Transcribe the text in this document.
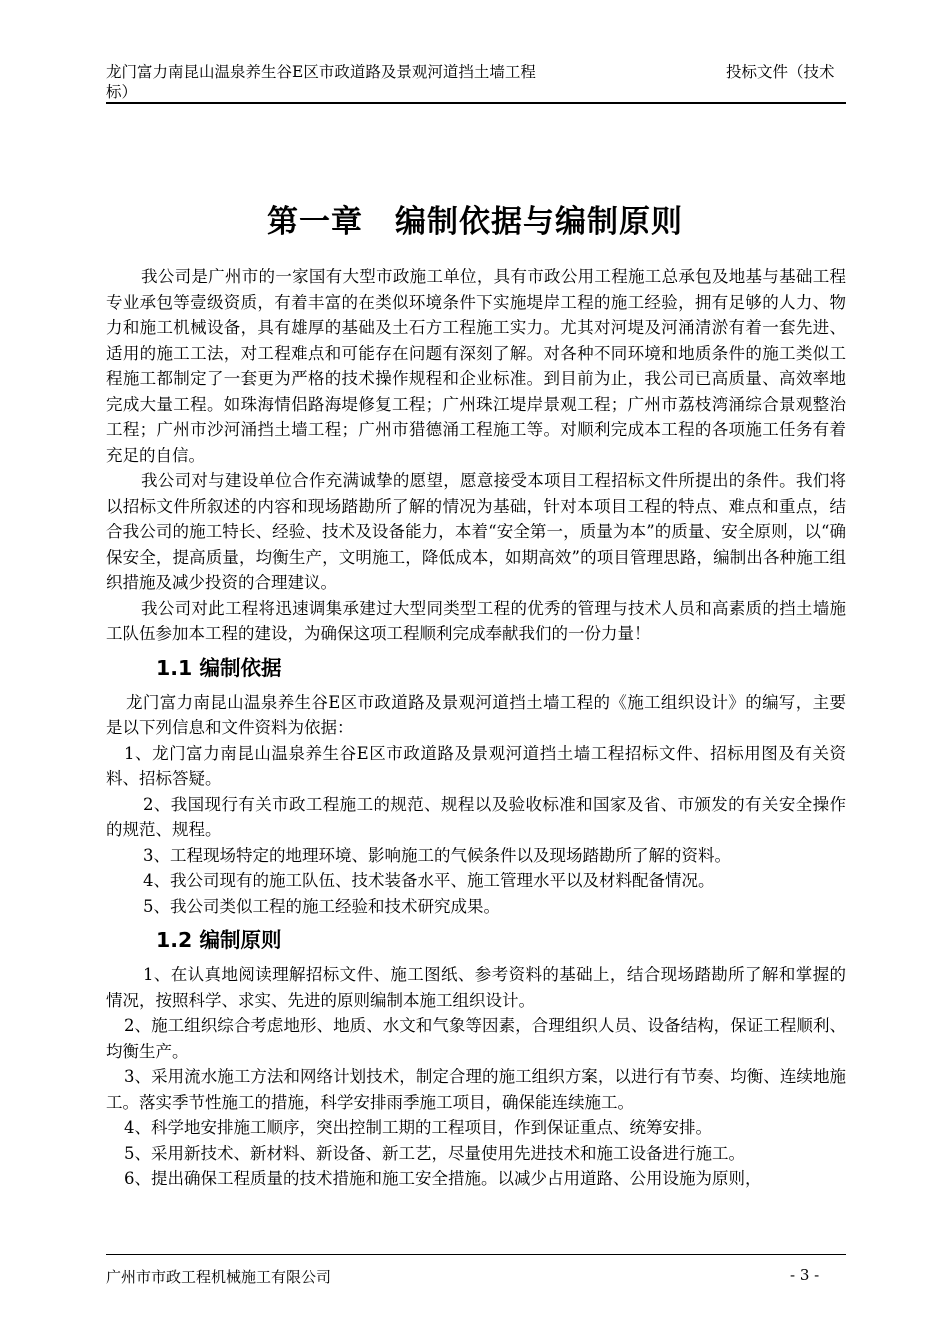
龙门富力南昆山温泉养生谷E区市政道路及景观河道挡土墙工程
标）
投标文件（技术
第一章　编制依据与编制原则

我公司是广州市的一家国有大型市政施工单位，具有市政公用工程施工总承包及地基与基础工程专业承包等壹级资质，有着丰富的在类似环境条件下实施堤岸工程的施工经验，拥有足够的人力、物力和施工机械设备，具有雄厚的基础及土石方工程施工实力。尤其对河堤及河涌清淤有着一套先进、适用的施工工法，对工程难点和可能存在问题有深刻了解。对各种不同环境和地质条件的施工类似工程施工都制定了一套更为严格的技术操作规程和企业标准。到目前为止，我公司已高质量、高效率地完成大量工程。如珠海情侣路海堤修复工程；广州珠江堤岸景观工程；广州市荔枝湾涌综合景观整治工程；广州市沙河涌挡土墙工程；广州市猎德涌工程施工等。对顺利完成本工程的各项施工任务有着充足的自信。

我公司对与建设单位合作充满诚挚的愿望，愿意接受本项目工程招标文件所提出的条件。我们将以招标文件所叙述的内容和现场踏勘所了解的情况为基础，针对本项目工程的特点、难点和重点，结合我公司的施工特长、经验、技术及设备能力，本着“安全第一，质量为本”的质量、安全原则，以“确保安全，提高质量，均衡生产，文明施工，降低成本，如期高效”的项目管理思路，编制出各种施工组织措施及减少投资的合理建议。

我公司对此工程将迅速调集承建过大型同类型工程的优秀的管理与技术人员和高素质的挡土墙施工队伍参加本工程的建设，为确保这项工程顺利完成奉献我们的一份力量！

1.1 编制依据

龙门富力南昆山温泉养生谷E区市政道路及景观河道挡土墙工程的《施工组织设计》的编写，主要是以下列信息和文件资料为依据：

1、龙门富力南昆山温泉养生谷E区市政道路及景观河道挡土墙工程招标文件、招标用图及有关资料、招标答疑。

2、我国现行有关市政工程施工的规范、规程以及验收标准和国家及省、市颁发的有关安全操作的规范、规程。

3、工程现场特定的地理环境、影响施工的气候条件以及现场踏勘所了解的资料。

4、我公司现有的施工队伍、技术装备水平、施工管理水平以及材料配备情况。

5、我公司类似工程的施工经验和技术研究成果。

1.2 编制原则

1、在认真地阅读理解招标文件、施工图纸、参考资料的基础上，结合现场踏勘所了解和掌握的情况，按照科学、求实、先进的原则编制本施工组织设计。

2、施工组织综合考虑地形、地质、水文和气象等因素，合理组织人员、设备结构，保证工程顺利、均衡生产。

3、采用流水施工方法和网络计划技术，制定合理的施工组织方案，以进行有节奏、均衡、连续地施工。落实季节性施工的措施，科学安排雨季施工项目，确保能连续施工。

4、科学地安排施工顺序，突出控制工期的工程项目，作到保证重点、统筹安排。

5、采用新技术、新材料、新设备、新工艺，尽量使用先进技术和施工设备进行施工。

6、提出确保工程质量的技术措施和施工安全措施。以减少占用道路、公用设施为原则，

广州市市政工程机械施工有限公司	- 3 -
